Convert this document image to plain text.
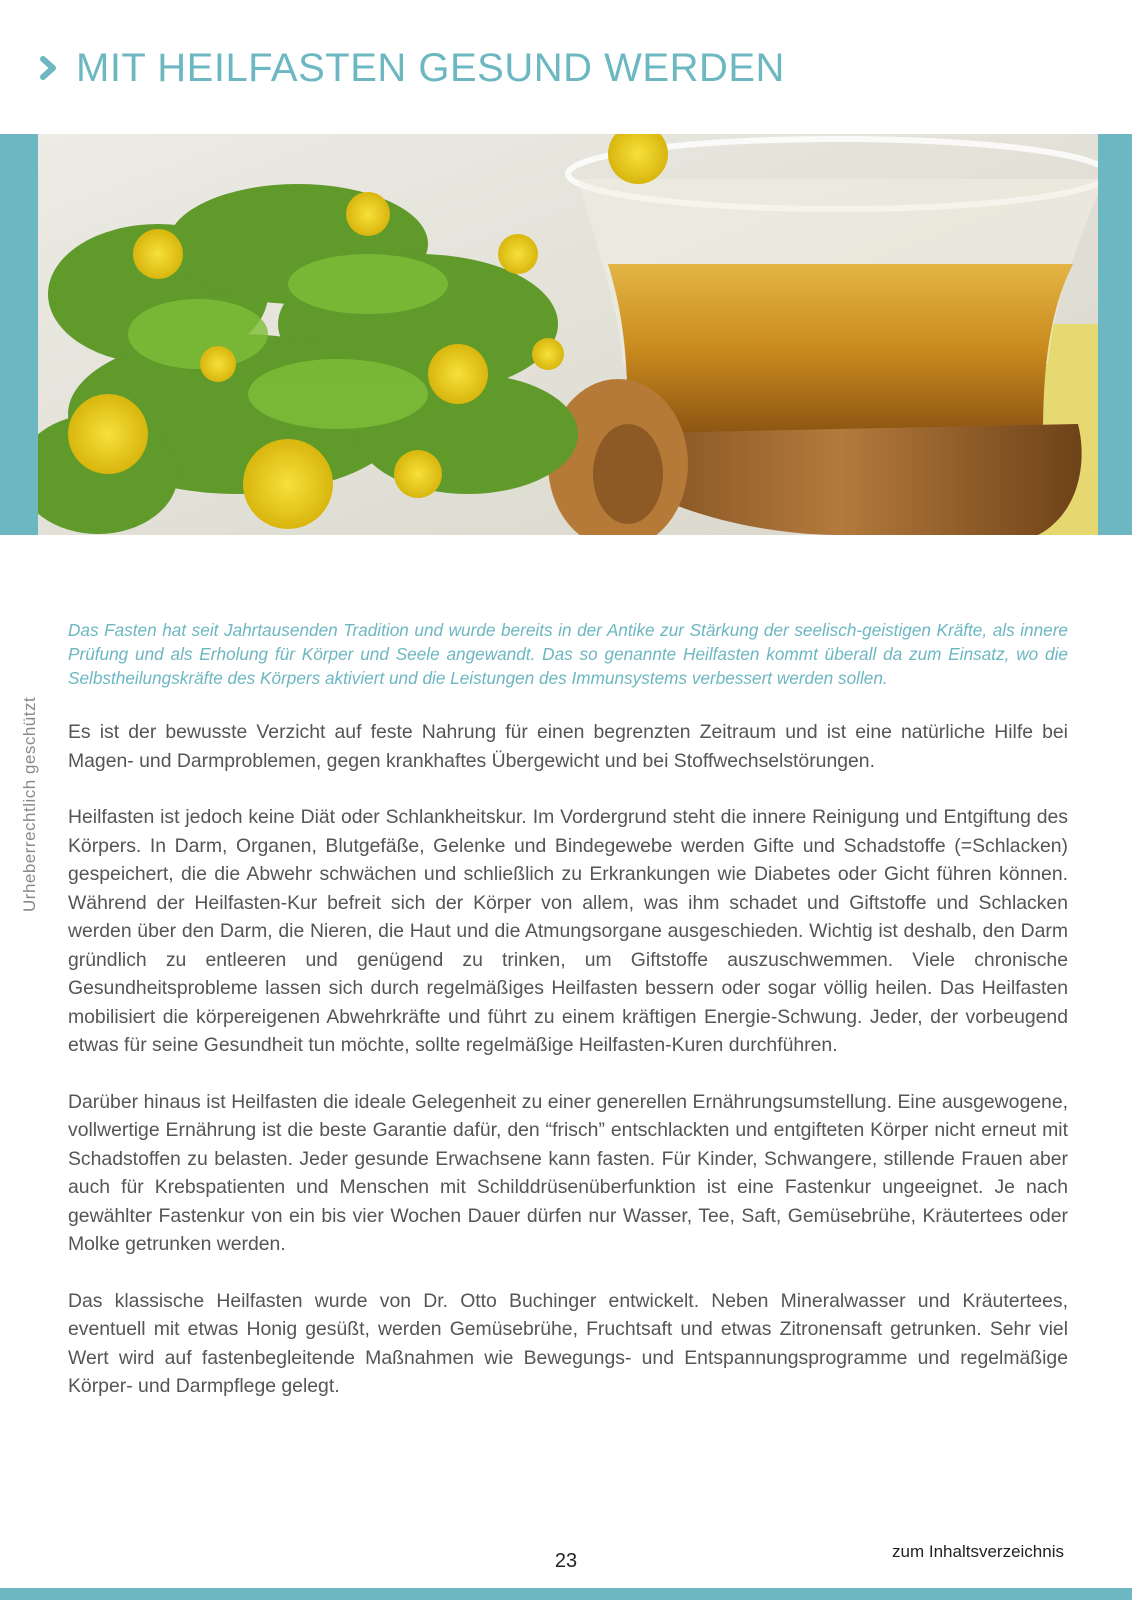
MIT HEILFASTEN GESUND WERDEN
Urheberrechtlich geschützt

Das Fasten hat seit Jahrtausenden Tradition und wurde bereits in der Antike zur Stärkung der seelisch-geistigen Kräfte, als innere Prüfung und als Erholung für Körper und Seele angewandt. Das so genannte Heilfasten kommt überall da zum Einsatz, wo die Selbstheilungskräfte des Körpers aktiviert und die Leistungen des Immunsystems verbessert werden sollen.

Es ist der bewusste Verzicht auf feste Nahrung für einen begrenzten Zeitraum und ist eine natürliche Hilfe bei Magen- und Darmproblemen, gegen krankhaftes Übergewicht und bei Stoffwechselstörungen.

Heilfasten ist jedoch keine Diät oder Schlankheitskur. Im Vordergrund steht die innere Reinigung und Entgiftung des Körpers. In Darm, Organen, Blutgefäße, Gelenke und Bindegewebe werden Gifte und Schadstoffe (=Schlacken) gespeichert, die die Abwehr schwächen und schließlich zu Erkrankungen wie Diabetes oder Gicht führen können. Während der Heilfasten-Kur befreit sich der Körper von allem, was ihm schadet und Giftstoffe und Schlacken werden über den Darm, die Nieren, die Haut und die Atmungsorgane ausgeschieden. Wichtig ist deshalb, den Darm gründlich zu entleeren und genügend zu trinken, um Giftstoffe auszuschwemmen. Viele chronische Gesundheitsprobleme lassen sich durch regelmäßiges Heilfasten bessern oder sogar völlig heilen. Das Heilfasten mobilisiert die körpereigenen Abwehrkräfte und führt zu einem kräftigen Energie-Schwung. Jeder, der vorbeugend etwas für seine Gesundheit tun möchte, sollte regelmäßige Heilfasten-Kuren durchführen.

Darüber hinaus ist Heilfasten die ideale Gelegenheit zu einer generellen Ernährungsumstellung. Eine ausgewogene, vollwertige Ernährung ist die beste Garantie dafür, den “frisch” entschlackten und entgifteten Körper nicht erneut mit Schadstoffen zu belasten. Jeder gesunde Erwachsene kann fasten. Für Kinder, Schwangere, stillende Frauen aber auch für Krebspatienten und Menschen mit Schilddrüsenüberfunktion ist eine Fastenkur ungeeignet. Je nach gewählter Fastenkur von ein bis vier Wochen Dauer dürfen nur Wasser, Tee, Saft, Gemüsebrühe, Kräutertees oder Molke getrunken werden.

Das klassische Heilfasten wurde von Dr. Otto Buchinger entwickelt. Neben Mineralwasser und Kräutertees, eventuell mit etwas Honig gesüßt, werden Gemüsebrühe, Fruchtsaft und etwas Zitronensaft getrunken. Sehr viel Wert wird auf fastenbegleitende Maßnahmen wie Bewegungs- und Entspannungsprogramme und regelmäßige Körper- und Darmpflege gelegt.

23	zum Inhaltsverzeichnis
